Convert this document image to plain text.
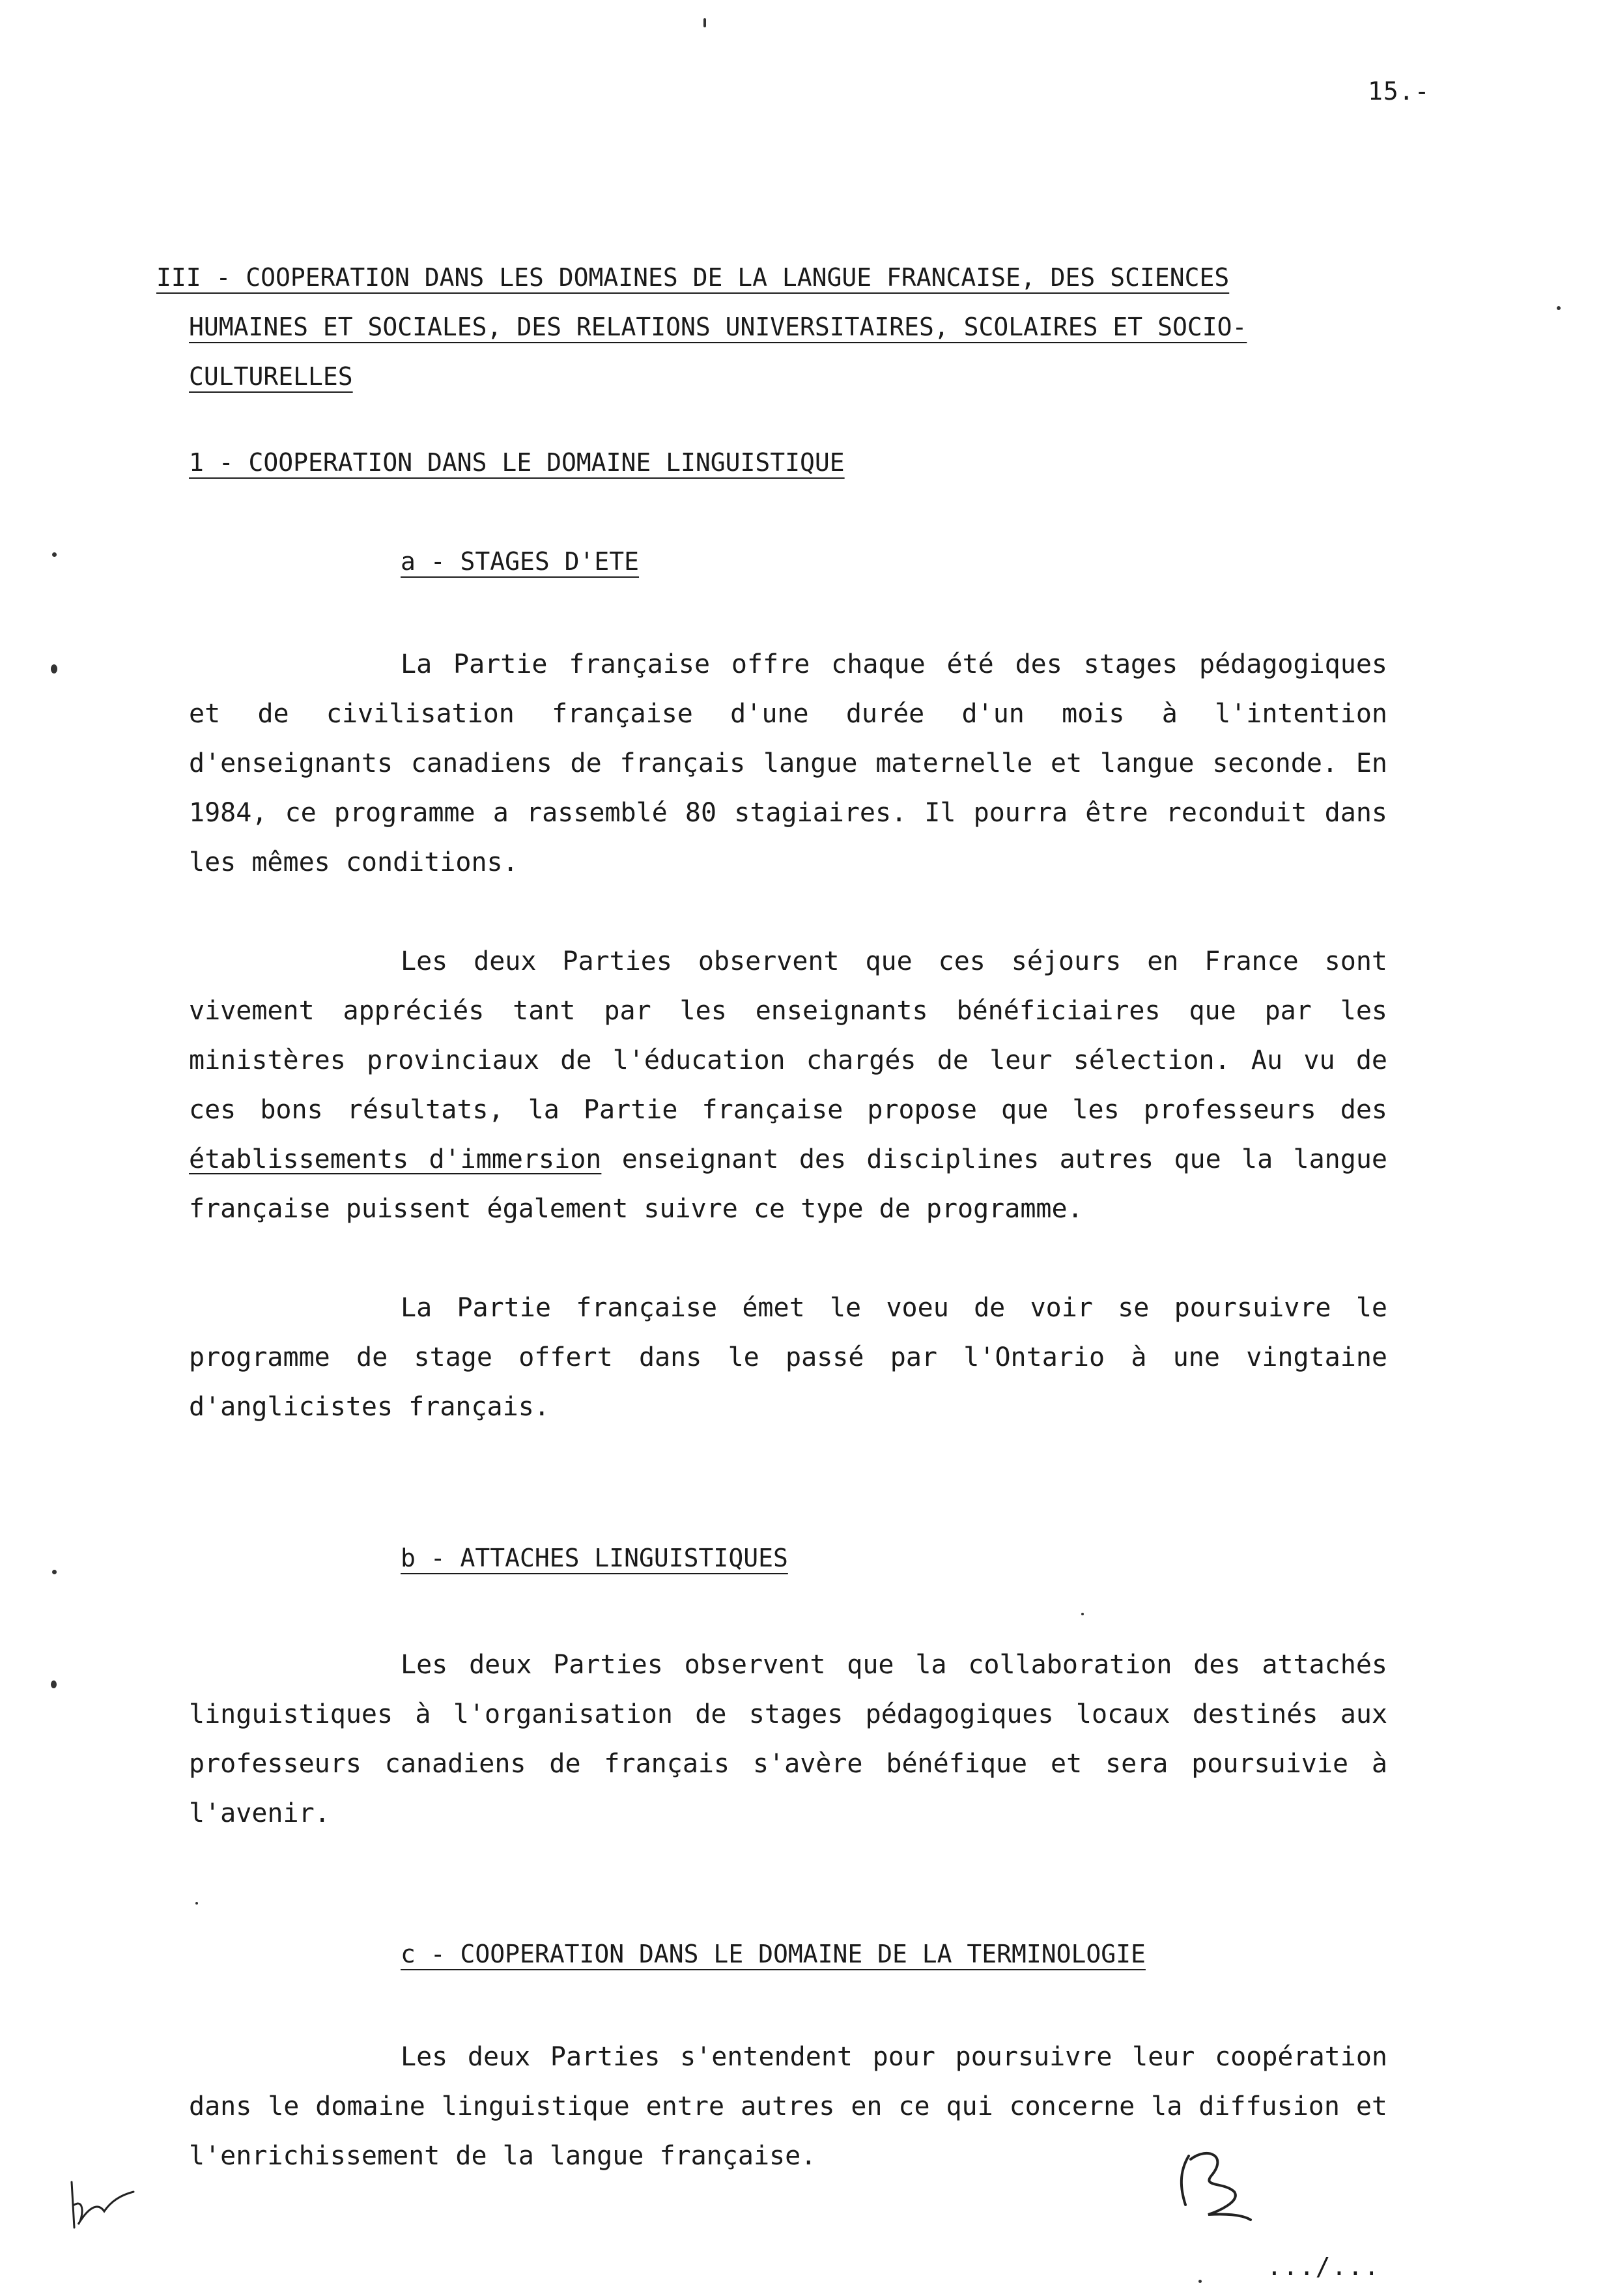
15.-
III - COOPERATION DANS LES DOMAINES DE LA LANGUE FRANCAISE, DES SCIENCES
HUMAINES ET SOCIALES, DES RELATIONS UNIVERSITAIRES, SCOLAIRES ET SOCIO-
CULTURELLES
1 - COOPERATION DANS LE DOMAINE LINGUISTIQUE
a - STAGES D'ETE

La Partie française offre chaque été des stages pédagogiques et de civilisation française d'une durée d'un mois à l'intention d'enseignants canadiens de français langue maternelle et langue seconde. En 1984, ce programme a rassemblé 80 stagiaires. Il pourra être reconduit dans les mêmes conditions.

Les deux Parties observent que ces séjours en France sont vivement appréciés tant par les enseignants bénéficiaires que par les ministères provinciaux de l'éducation chargés de leur sélection. Au vu de ces bons résultats, la Partie française propose que les professeurs des établissements d'immersion enseignant des disciplines autres que la langue française puissent également suivre ce type de programme.

La Partie française émet le voeu de voir se poursuivre le programme de stage offert dans le passé par l'Ontario à une vingtaine d'anglicistes français.

b - ATTACHES LINGUISTIQUES

Les deux Parties observent que la collaboration des attachés linguistiques à l'organisation de stages pédagogiques locaux destinés aux professeurs canadiens de français s'avère bénéfique et sera poursuivie à l'avenir.

c - COOPERATION DANS LE DOMAINE DE LA TERMINOLOGIE

Les deux Parties s'entendent pour poursuivre leur coopération dans le domaine linguistique entre autres en ce qui concerne la diffusion et l'enrichissement de la langue française.

.../...
